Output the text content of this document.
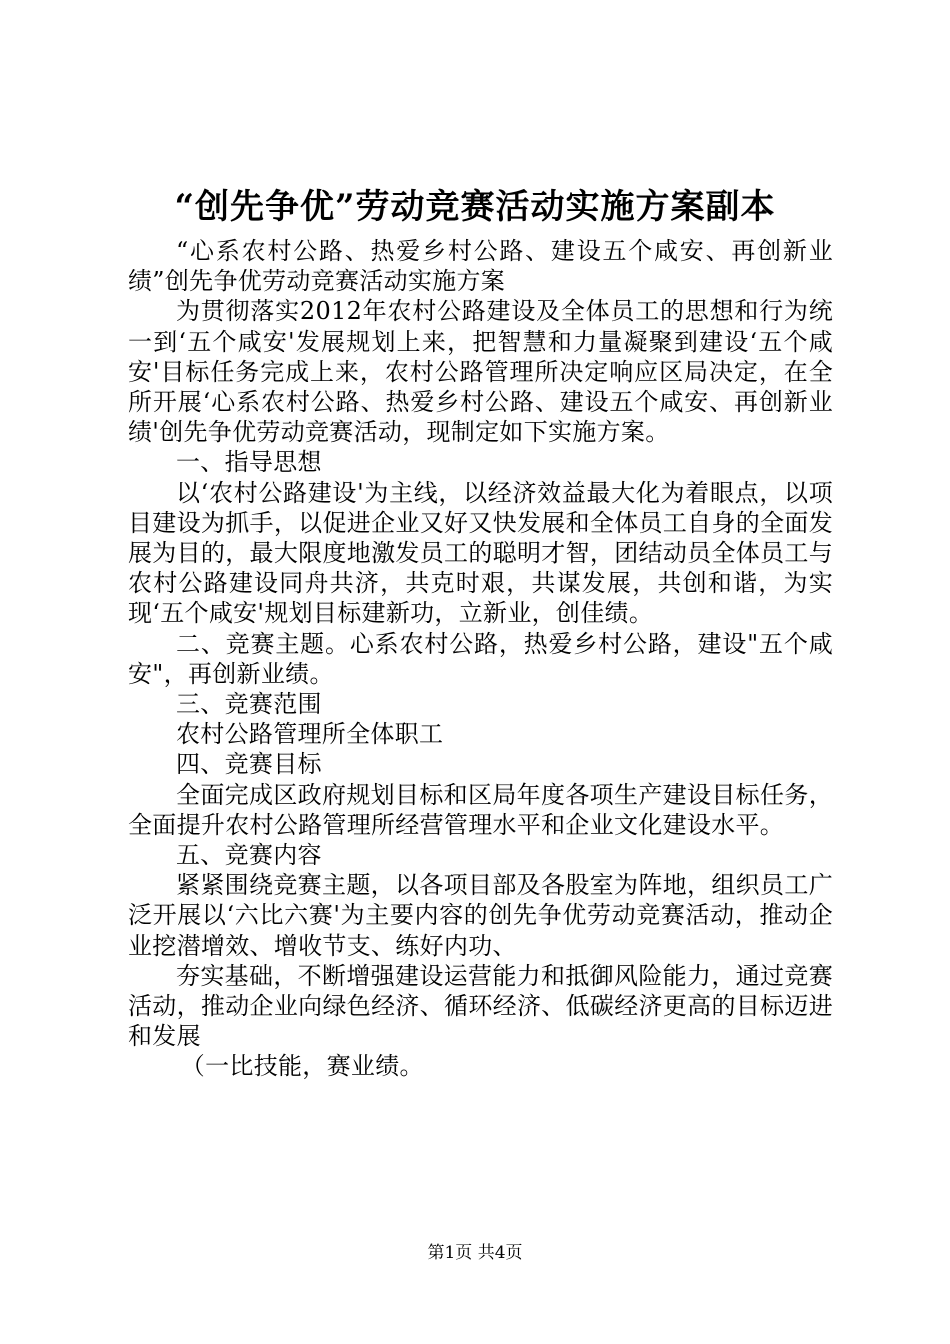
“创先争优”劳动竞赛活动实施方案副本

“心系农村公路、热爱乡村公路、建设五个咸安、再创新业绩”创先争优劳动竞赛活动实施方案

为贯彻落实2012年农村公路建设及全体员工的思想和行为统一到‘五个咸安'发展规划上来，把智慧和力量凝聚到建设‘五个咸安'目标任务完成上来，农村公路管理所决定响应区局决定，在全所开展‘心系农村公路、热爱乡村公路、建设五个咸安、再创新业绩'创先争优劳动竞赛活动，现制定如下实施方案。

一、指导思想

以‘农村公路建设'为主线，以经济效益最大化为着眼点，以项目建设为抓手，以促进企业又好又快发展和全体员工自身的全面发展为目的，最大限度地激发员工的聪明才智，团结动员全体员工与农村公路建设同舟共济，共克时艰，共谋发展，共创和谐，为实现‘五个咸安'规划目标建新功，立新业，创佳绩。

二、竞赛主题。心系农村公路，热爱乡村公路，建设"五个咸安"，再创新业绩。

三、竞赛范围

农村公路管理所全体职工

四、竞赛目标

全面完成区政府规划目标和区局年度各项生产建设目标任务，全面提升农村公路管理所经营管理水平和企业文化建设水平。

五、竞赛内容

紧紧围绕竞赛主题，以各项目部及各股室为阵地，组织员工广泛开展以‘六比六赛'为主要内容的创先争优劳动竞赛活动，推动企业挖潜增效、增收节支、练好内功、

夯实基础，不断增强建设运营能力和抵御风险能力，通过竞赛活动，推动企业向绿色经济、循环经济、低碳经济更高的目标迈进和发展

（一比技能，赛业绩。

第1页 共4页
